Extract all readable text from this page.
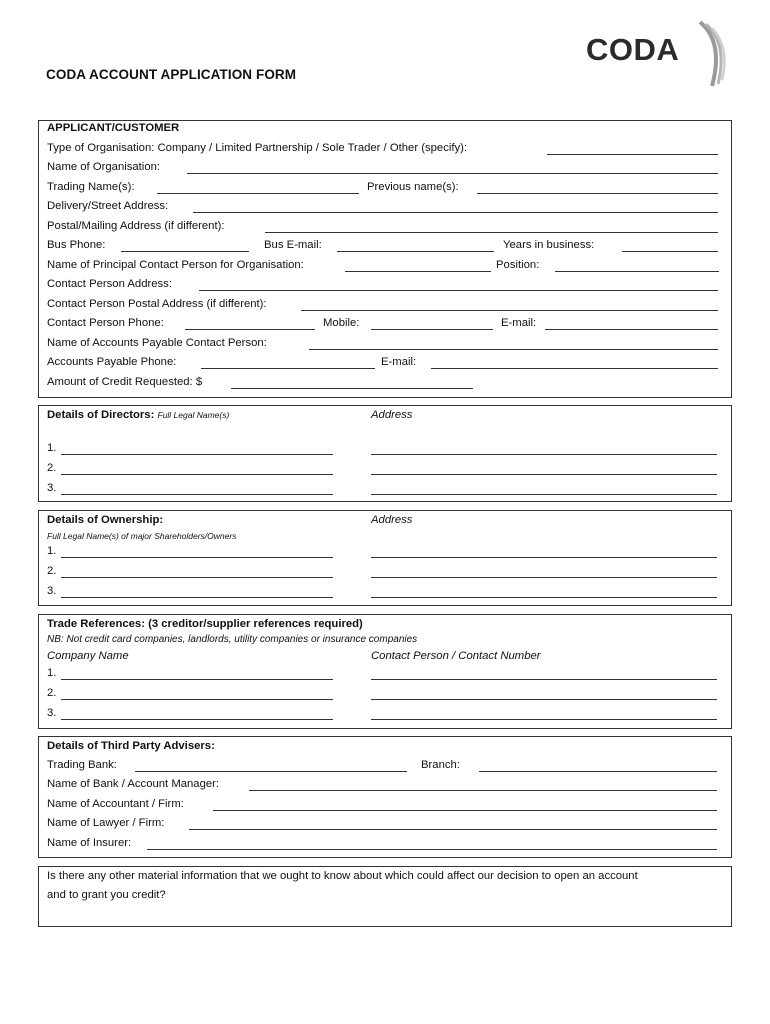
CODA
CODA ACCOUNT APPLICATION FORM
APPLICANT/CUSTOMER
Type of Organisation: Company / Limited Partnership / Sole Trader / Other (specify):
Name of Organisation:
Trading Name(s):	Previous name(s):
Delivery/Street Address:
Postal/Mailing Address (if different):
Bus Phone:	Bus E-mail:	Years in business:
Name of Principal Contact Person for Organisation:	Position:
Contact Person Address:
Contact Person Postal Address (if different):
Contact Person Phone:	Mobile:	E-mail:
Name of Accounts Payable Contact Person:
Accounts Payable Phone:	E-mail:
Amount of Credit Requested: $
Details of Directors: Full Legal Name(s)	Address
1.
2.
3.
Details of Ownership:	Address
Full Legal Name(s) of major Shareholders/Owners
1.
2.
3.
Trade References: (3 creditor/supplier references required)
NB: Not credit card companies, landlords, utility companies or insurance companies
Company Name	Contact Person / Contact Number
1.
2.
3.
Details of Third Party Advisers:
Trading Bank:	Branch:
Name of Bank / Account Manager:
Name of Accountant / Firm:
Name of Lawyer / Firm:
Name of Insurer:
Is there any other material information that we ought to know about which could affect our decision to open an account
and to grant you credit?
